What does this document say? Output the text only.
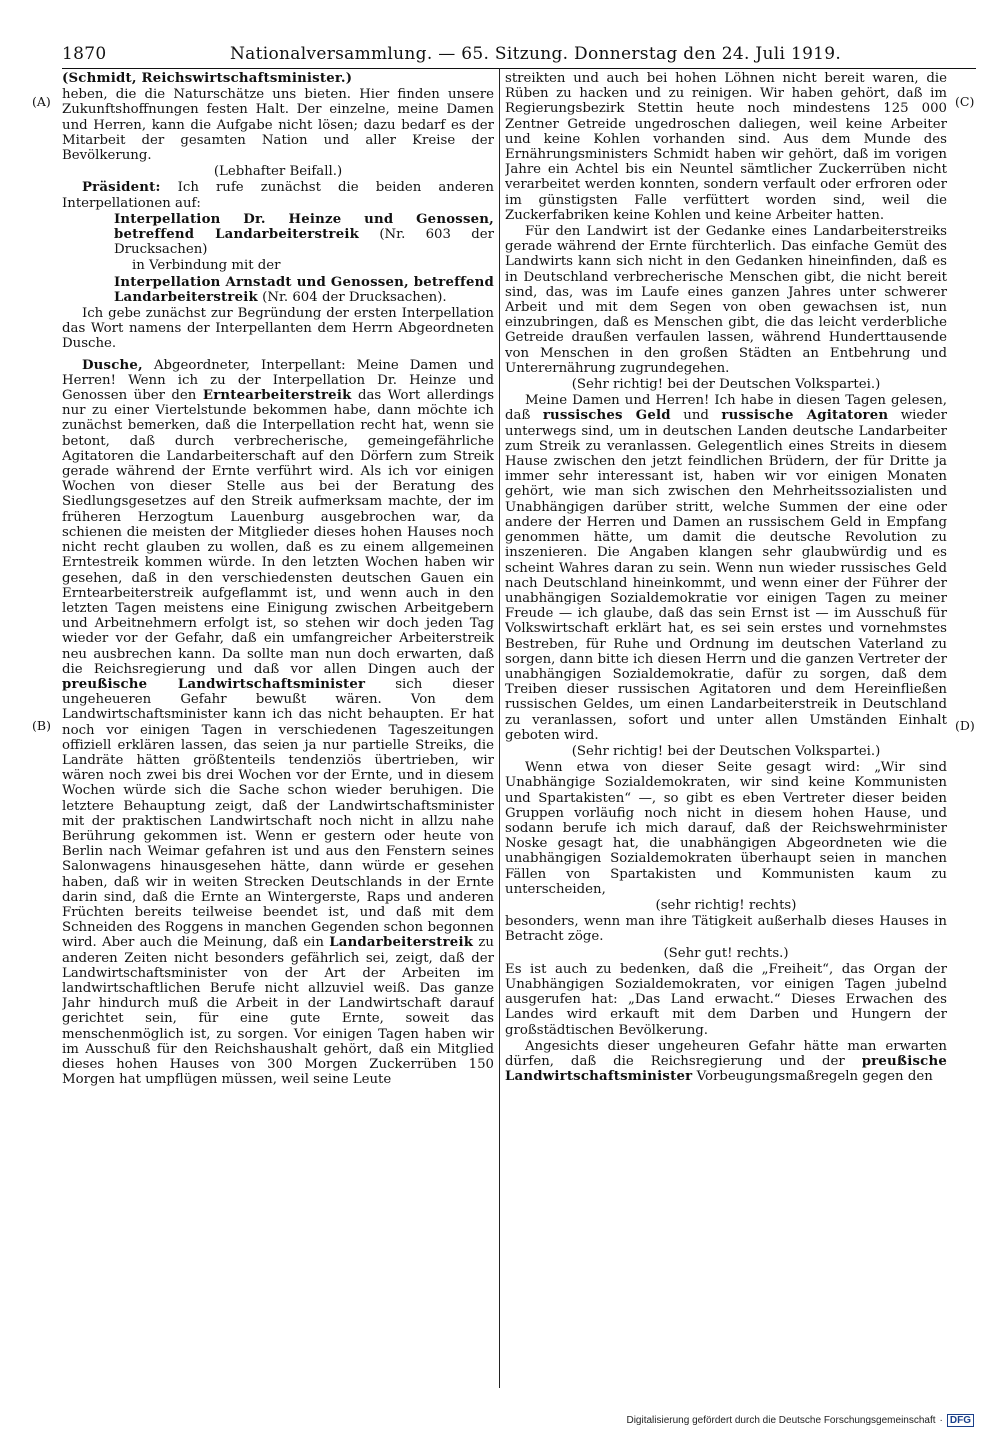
1870	Nationalversammlung. — 65. Sitzung. Donnerstag den 24. Juli 1919.
(A)
(B)
(C)
(D)

(Schmidt, Reichswirtschaftsminister.)

heben, die die Naturschätze uns bieten. Hier finden unsere Zukunftshoffnungen festen Halt. Der einzelne, meine Damen und Herren, kann die Aufgabe nicht lösen; dazu bedarf es der Mitarbeit der gesamten Nation und aller Kreise der Bevölkerung.

(Lebhafter Beifall.)

Präsident: Ich rufe zunächst die beiden anderen Interpellationen auf:

Interpellation Dr. Heinze und Genossen, betreffend Landarbeiterstreik (Nr. 603 der Drucksachen)

in Verbindung mit der

Interpellation Arnstadt und Genossen, betreffend Landarbeiterstreik (Nr. 604 der Drucksachen).

Ich gebe zunächst zur Begründung der ersten Interpellation das Wort namens der Interpellanten dem Herrn Abgeordneten Dusche.

Dusche, Abgeordneter, Interpellant: Meine Damen und Herren! Wenn ich zu der Interpellation Dr. Heinze und Genossen über den Erntearbeiterstreik das Wort allerdings nur zu einer Viertelstunde bekommen habe, dann möchte ich zunächst bemerken, daß die Interpellation recht hat, wenn sie betont, daß durch verbrecherische, gemeingefährliche Agitatoren die Landarbeiterschaft auf den Dörfern zum Streik gerade während der Ernte verführt wird. Als ich vor einigen Wochen von dieser Stelle aus bei der Beratung des Siedlungsgesetzes auf den Streik aufmerksam machte, der im früheren Herzogtum Lauenburg ausgebrochen war, da schienen die meisten der Mitglieder dieses hohen Hauses noch nicht recht glauben zu wollen, daß es zu einem allgemeinen Erntestreik kommen würde. In den letzten Wochen haben wir gesehen, daß in den verschiedensten deutschen Gauen ein Erntearbeiterstreik aufgeflammt ist, und wenn auch in den letzten Tagen meistens eine Einigung zwischen Arbeitgebern und Arbeitnehmern erfolgt ist, so stehen wir doch jeden Tag wieder vor der Gefahr, daß ein umfangreicher Arbeiterstreik neu ausbrechen kann. Da sollte man nun doch erwarten, daß die Reichsregierung und daß vor allen Dingen auch der preußische Landwirtschaftsminister sich dieser ungeheueren Gefahr bewußt wären. Von dem Landwirtschaftsminister kann ich das nicht behaupten. Er hat noch vor einigen Tagen in verschiedenen Tageszeitungen offiziell erklären lassen, das seien ja nur partielle Streiks, die Landräte hätten größtenteils tendenziös übertrieben, wir wären noch zwei bis drei Wochen vor der Ernte, und in diesem Wochen würde sich die Sache schon wieder beruhigen. Die letztere Behauptung zeigt, daß der Landwirtschaftsminister mit der praktischen Landwirtschaft noch nicht in allzu nahe Berührung gekommen ist. Wenn er gestern oder heute von Berlin nach Weimar gefahren ist und aus den Fenstern seines Salonwagens hinausgesehen hätte, dann würde er gesehen haben, daß wir in weiten Strecken Deutschlands in der Ernte darin sind, daß die Ernte an Wintergerste, Raps und anderen Früchten bereits teilweise beendet ist, und daß mit dem Schneiden des Roggens in manchen Gegenden schon begonnen wird. Aber auch die Meinung, daß ein Landarbeiterstreik zu anderen Zeiten nicht besonders gefährlich sei, zeigt, daß der Landwirtschaftsminister von der Art der Arbeiten im landwirtschaftlichen Berufe nicht allzuviel weiß. Das ganze Jahr hindurch muß die Arbeit in der Landwirtschaft darauf gerichtet sein, für eine gute Ernte, soweit das menschenmöglich ist, zu sorgen. Vor einigen Tagen haben wir im Ausschuß für den Reichshaushalt gehört, daß ein Mitglied dieses hohen Hauses von 300 Morgen Zuckerrüben 150 Morgen hat umpflügen müssen, weil seine Leute

streikten und auch bei hohen Löhnen nicht bereit waren, die Rüben zu hacken und zu reinigen. Wir haben gehört, daß im Regierungsbezirk Stettin heute noch mindestens 125 000 Zentner Getreide ungedroschen daliegen, weil keine Arbeiter und keine Kohlen vorhanden sind. Aus dem Munde des Ernährungsministers Schmidt haben wir gehört, daß im vorigen Jahre ein Achtel bis ein Neuntel sämtlicher Zuckerrüben nicht verarbeitet werden konnten, sondern verfault oder erfroren oder im günstigsten Falle verfüttert worden sind, weil die Zuckerfabriken keine Kohlen und keine Arbeiter hatten.

Für den Landwirt ist der Gedanke eines Landarbeiterstreiks gerade während der Ernte fürchterlich. Das einfache Gemüt des Landwirts kann sich nicht in den Gedanken hineinfinden, daß es in Deutschland verbrecherische Menschen gibt, die nicht bereit sind, das, was im Laufe eines ganzen Jahres unter schwerer Arbeit und mit dem Segen von oben gewachsen ist, nun einzubringen, daß es Menschen gibt, die das leicht verderbliche Getreide draußen verfaulen lassen, während Hunderttausende von Menschen in den großen Städten an Entbehrung und Unterernährung zugrundegehen.

(Sehr richtig! bei der Deutschen Volkspartei.)

Meine Damen und Herren! Ich habe in diesen Tagen gelesen, daß russisches Geld und russische Agitatoren wieder unterwegs sind, um in deutschen Landen deutsche Landarbeiter zum Streik zu veranlassen. Gelegentlich eines Streits in diesem Hause zwischen den jetzt feindlichen Brüdern, der für Dritte ja immer sehr interessant ist, haben wir vor einigen Monaten gehört, wie man sich zwischen den Mehrheitssozialisten und Unabhängigen darüber stritt, welche Summen der eine oder andere der Herren und Damen an russischem Geld in Empfang genommen hätte, um damit die deutsche Revolution zu inszenieren. Die Angaben klangen sehr glaubwürdig und es scheint Wahres daran zu sein. Wenn nun wieder russisches Geld nach Deutschland hineinkommt, und wenn einer der Führer der unabhängigen Sozialdemokratie vor einigen Tagen zu meiner Freude — ich glaube, daß das sein Ernst ist — im Ausschuß für Volkswirtschaft erklärt hat, es sei sein erstes und vornehmstes Bestreben, für Ruhe und Ordnung im deutschen Vaterland zu sorgen, dann bitte ich diesen Herrn und die ganzen Vertreter der unabhängigen Sozialdemokratie, dafür zu sorgen, daß dem Treiben dieser russischen Agitatoren und dem Hereinfließen russischen Geldes, um einen Landarbeiterstreik in Deutschland zu veranlassen, sofort und unter allen Umständen Einhalt geboten wird.

(Sehr richtig! bei der Deutschen Volkspartei.)

Wenn etwa von dieser Seite gesagt wird: „Wir sind Unabhängige Sozialdemokraten, wir sind keine Kommunisten und Spartakisten“ —, so gibt es eben Vertreter dieser beiden Gruppen vorläufig noch nicht in diesem hohen Hause, und sodann berufe ich mich darauf, daß der Reichswehrminister Noske gesagt hat, die unabhängigen Abgeordneten wie die unabhängigen Sozialdemokraten überhaupt seien in manchen Fällen von Spartakisten und Kommunisten kaum zu unterscheiden,

(sehr richtig! rechts)

besonders, wenn man ihre Tätigkeit außerhalb dieses Hauses in Betracht zöge.

(Sehr gut! rechts.)

Es ist auch zu bedenken, daß die „Freiheit“, das Organ der Unabhängigen Sozialdemokraten, vor einigen Tagen jubelnd ausgerufen hat: „Das Land erwacht.“ Dieses Erwachen des Landes wird erkauft mit dem Darben und Hungern der großstädtischen Bevölkerung.

Angesichts dieser ungeheuren Gefahr hätte man erwarten dürfen, daß die Reichsregierung und der preußische Landwirtschaftsminister Vorbeugungsmaßregeln gegen den

Digitalisierung gefördert durch die Deutsche Forschungsgemeinschaft · DFG
